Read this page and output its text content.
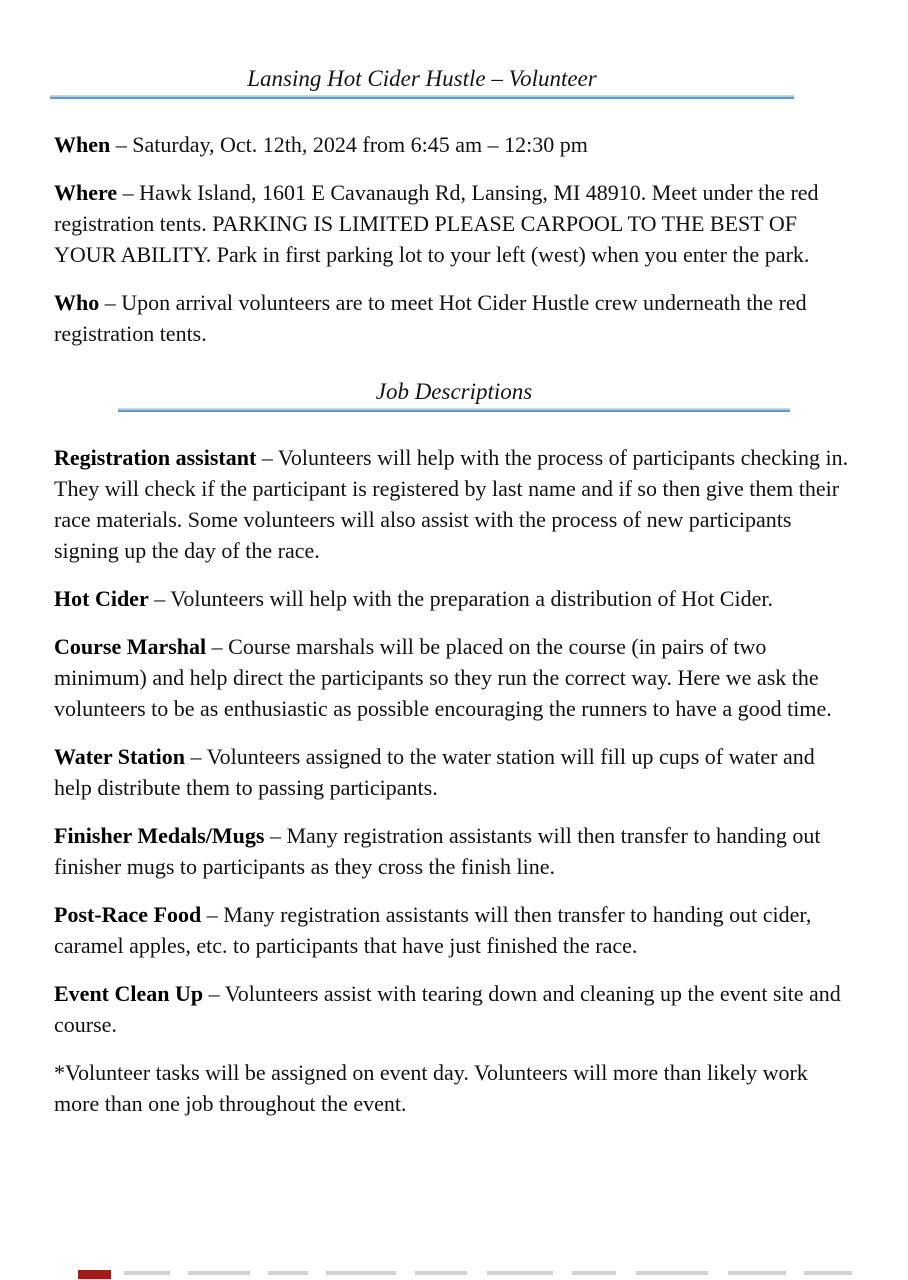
Lansing Hot Cider Hustle – Volunteer

When – Saturday, Oct. 12th, 2024 from 6:45 am – 12:30 pm

Where – Hawk Island, 1601 E Cavanaugh Rd, Lansing, MI 48910. Meet under the red registration tents. PARKING IS LIMITED PLEASE CARPOOL TO THE BEST OF YOUR ABILITY. Park in first parking lot to your left (west) when you enter the park.

Who – Upon arrival volunteers are to meet Hot Cider Hustle crew underneath the red registration tents.

Job Descriptions

Registration assistant – Volunteers will help with the process of participants checking in. They will check if the participant is registered by last name and if so then give them their race materials. Some volunteers will also assist with the process of new participants signing up the day of the race.

Hot Cider – Volunteers will help with the preparation a distribution of Hot Cider.

Course Marshal – Course marshals will be placed on the course (in pairs of two minimum) and help direct the participants so they run the correct way. Here we ask the volunteers to be as enthusiastic as possible encouraging the runners to have a good time.

Water Station – Volunteers assigned to the water station will fill up cups of water and help distribute them to passing participants.

Finisher Medals/Mugs – Many registration assistants will then transfer to handing out finisher mugs to participants as they cross the finish line.

Post-Race Food – Many registration assistants will then transfer to handing out cider, caramel apples, etc. to participants that have just finished the race.

Event Clean Up – Volunteers assist with tearing down and cleaning up the event site and course.

*Volunteer tasks will be assigned on event day. Volunteers will more than likely work more than one job throughout the event.
